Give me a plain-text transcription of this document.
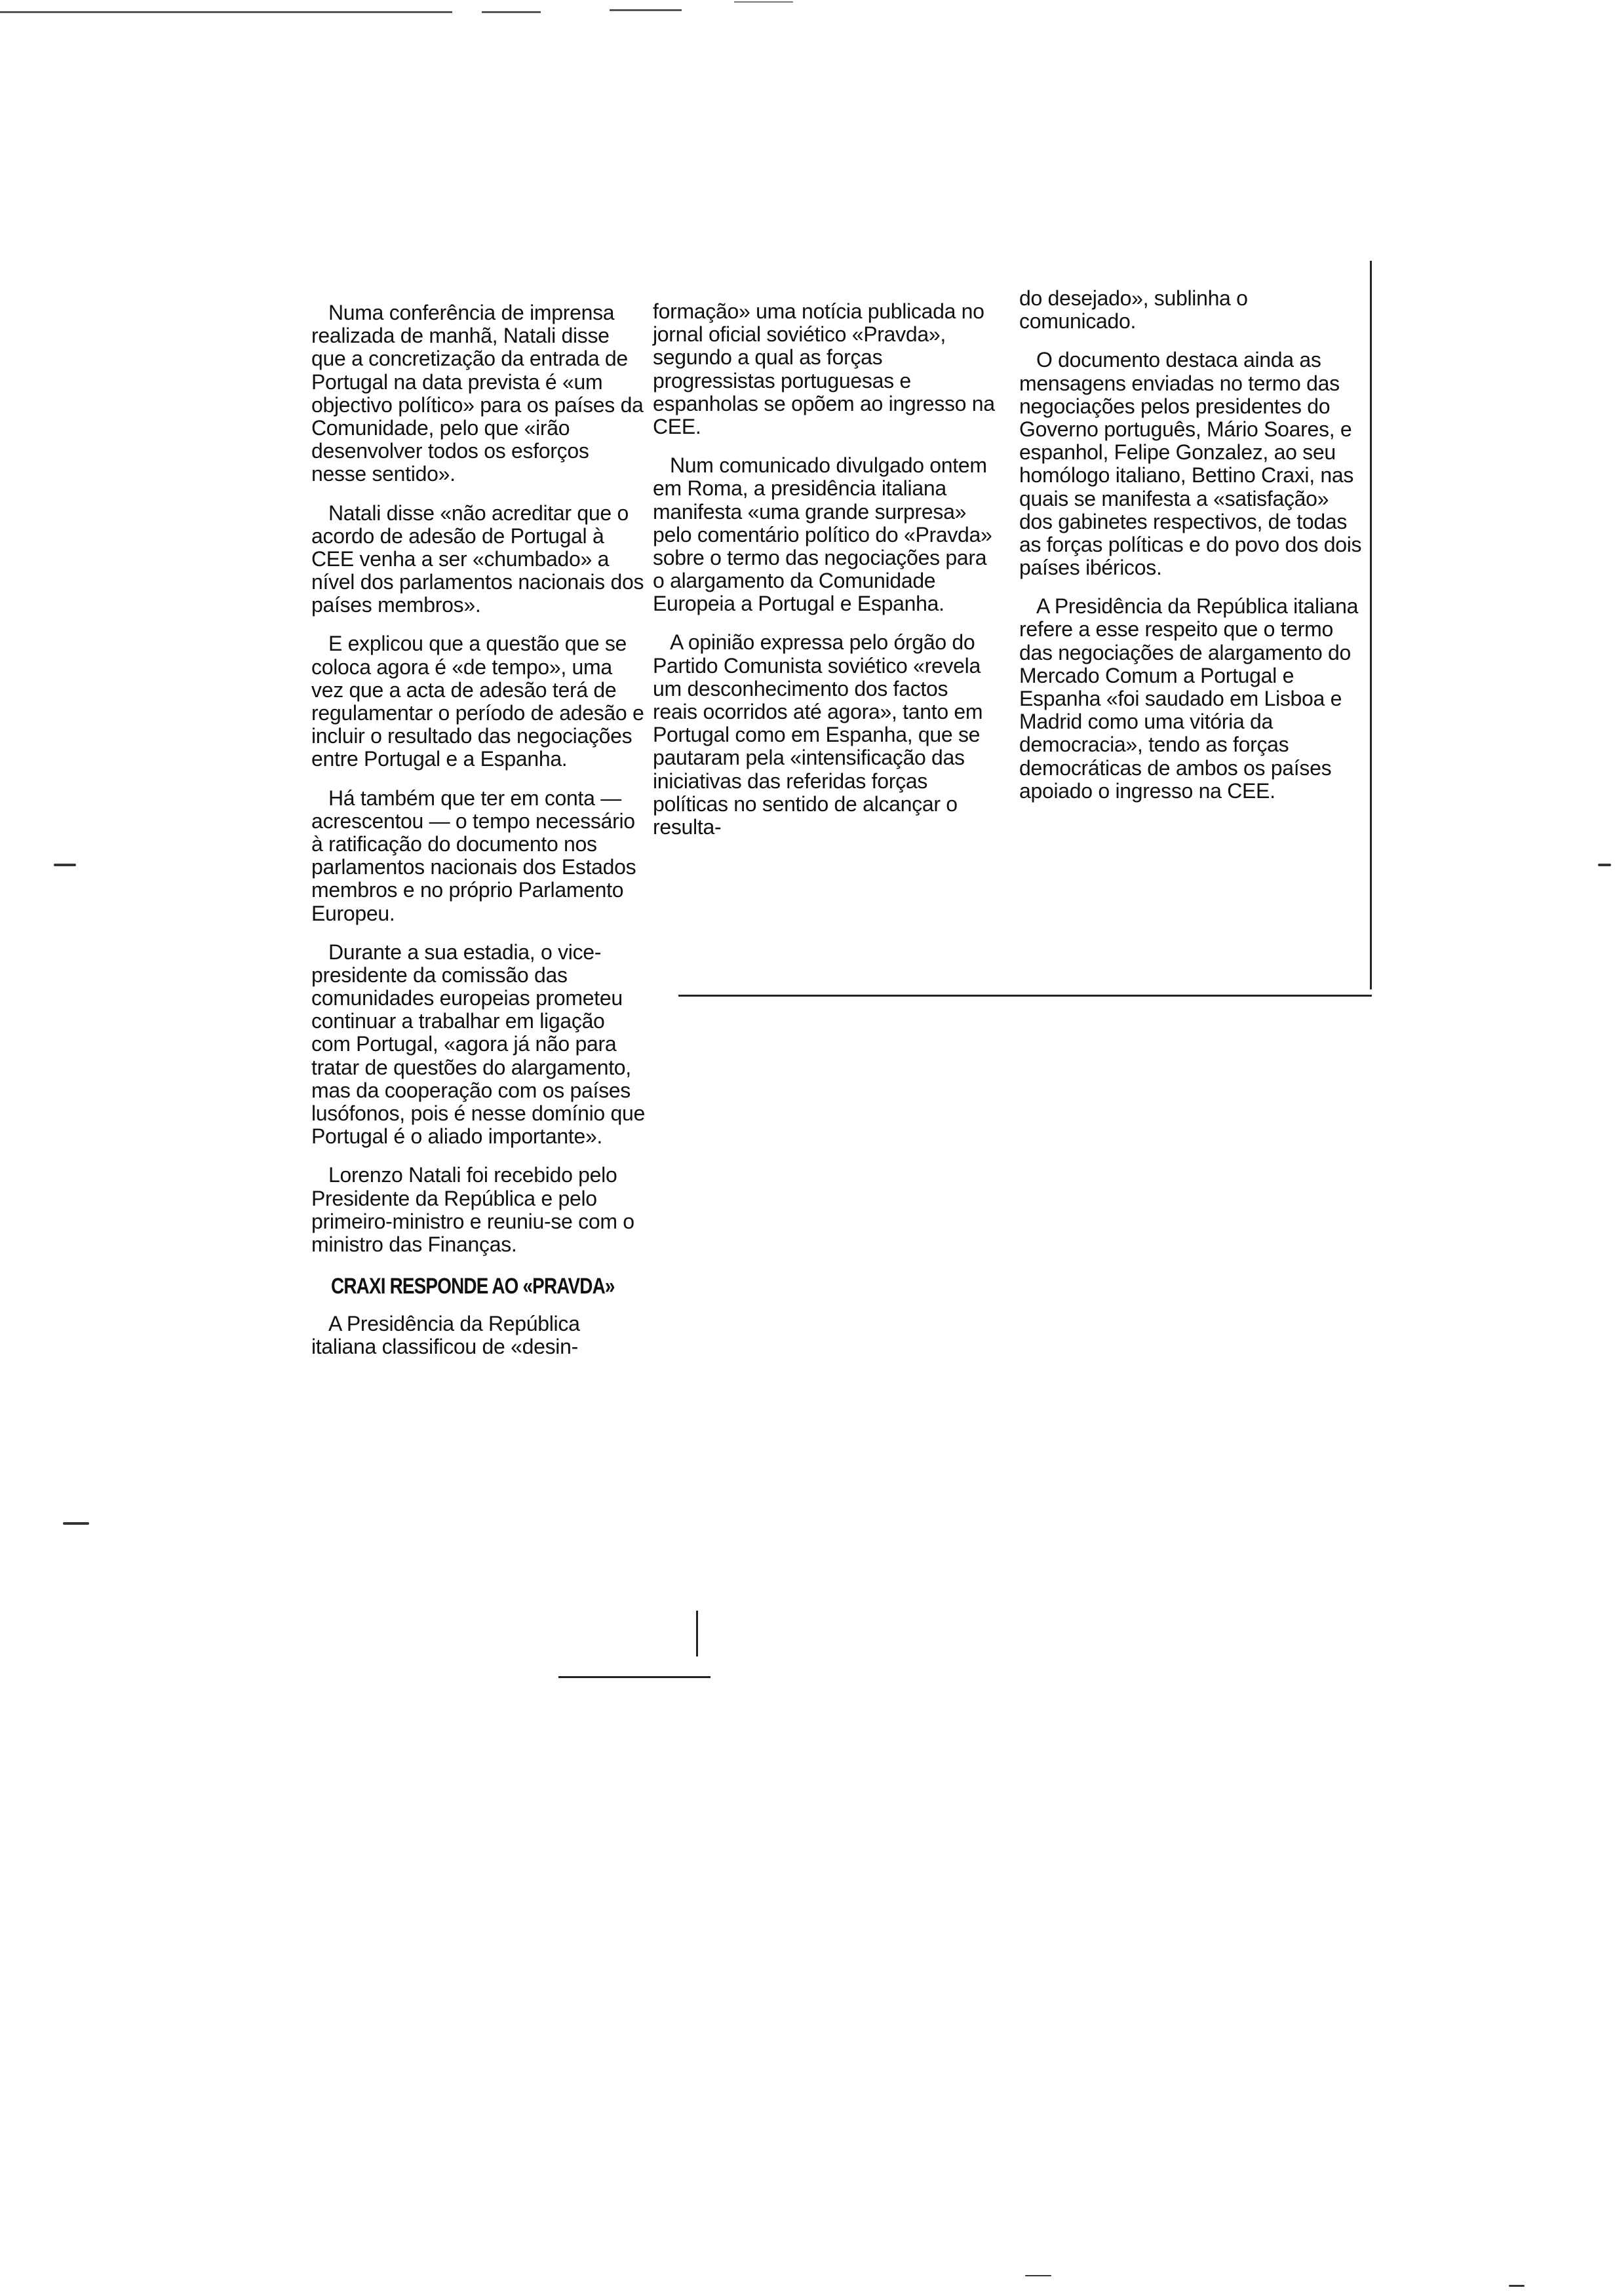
Numa conferência de imprensa realizada de manhã, Natali disse que a concretização da entrada de Portugal na data prevista é «um objectivo político» para os países da Comunidade, pelo que «irão desenvolver todos os esforços nesse sentido».

Natali disse «não acreditar que o acordo de adesão de Portugal à CEE venha a ser «chumbado» a nível dos parlamentos nacionais dos países membros».

E explicou que a questão que se coloca agora é «de tempo», uma vez que a acta de adesão terá de regulamentar o período de adesão e incluir o resultado das negociações entre Portugal e a Espanha.

Há também que ter em conta — acrescentou — o tempo necessário à ratificação do documento nos parlamentos nacionais dos Estados membros e no próprio Parlamento Europeu.

Durante a sua estadia, o vice-presidente da comissão das comunidades europeias prometeu continuar a trabalhar em ligação com Portugal, «agora já não para tratar de questões do alargamento, mas da cooperação com os países lusófonos, pois é nesse domínio que Portugal é o aliado importante».

Lorenzo Natali foi recebido pelo Presidente da República e pelo primeiro-ministro e reuniu-se com o ministro das Finanças.

CRAXI RESPONDE AO «PRAVDA»

A Presidência da República italiana classificou de «desin-

formação» uma notícia publicada no jornal oficial soviético «Pravda», segundo a qual as forças progressistas portuguesas e espanholas se opõem ao ingresso na CEE.

Num comunicado divulgado ontem em Roma, a presidência italiana manifesta «uma grande surpresa» pelo comentário político do «Pravda» sobre o termo das negociações para o alargamento da Comunidade Europeia a Portugal e Espanha.

A opinião expressa pelo órgão do Partido Comunista soviético «revela um desconhecimento dos factos reais ocorridos até agora», tanto em Portugal como em Espanha, que se pautaram pela «intensificação das iniciativas das referidas forças políticas no sentido de alcançar o resulta-

do desejado», sublinha o comunicado.

O documento destaca ainda as mensagens enviadas no termo das negociações pelos presidentes do Governo português, Mário Soares, e espanhol, Felipe Gonzalez, ao seu homólogo italiano, Bettino Craxi, nas quais se manifesta a «satisfação» dos gabinetes respectivos, de todas as forças políticas e do povo dos dois países ibéricos.

A Presidência da República italiana refere a esse respeito que o termo das negociações de alargamento do Mercado Comum a Portugal e Espanha «foi saudado em Lisboa e Madrid como uma vitória da democracia», tendo as forças democráticas de ambos os países apoiado o ingresso na CEE.
